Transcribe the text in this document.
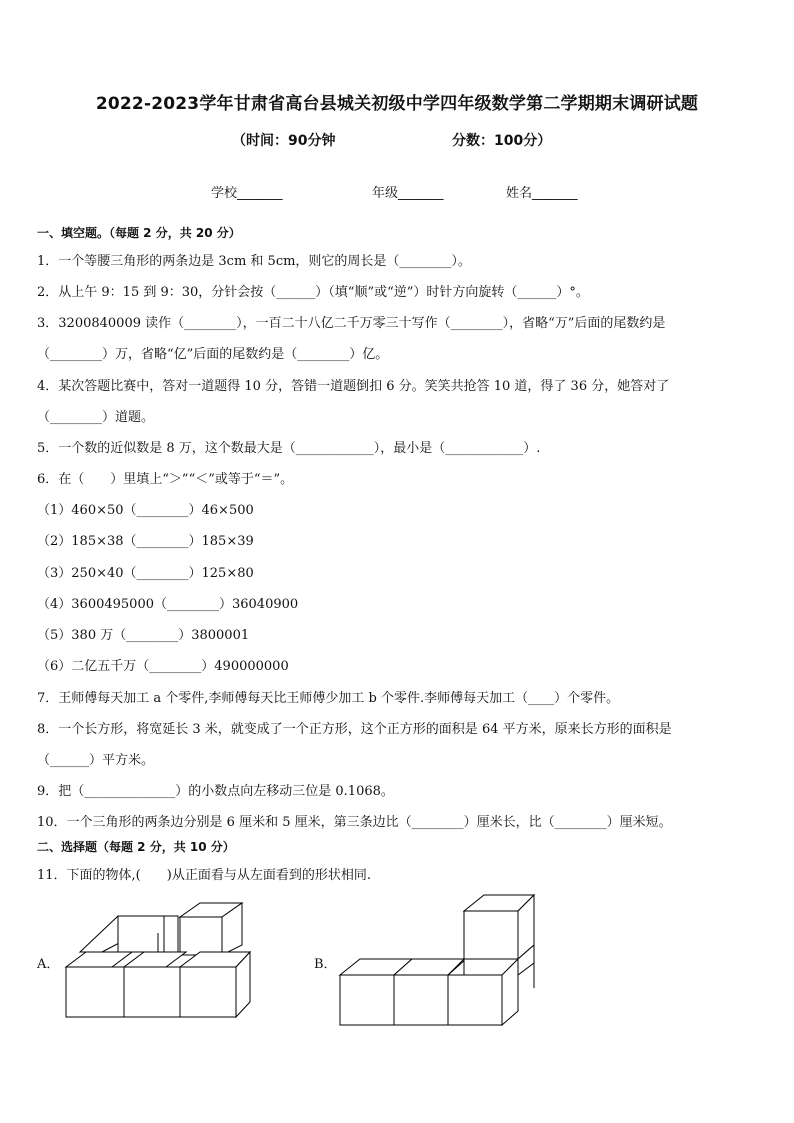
2022-2023学年甘肃省高台县城关初级中学四年级数学第二学期期末调研试题
（时间：90分钟	分数：100分）
学校_______	年级_______	姓名_______
一、填空题。（每题 2 分，共 20 分）
1．一个等腰三角形的两条边是 3cm 和 5cm，则它的周长是（________）。
2．从上午 9：15 到 9：30，分针会按（______）（填“顺”或“逆”）时针方向旋转（______）°。
3．3200840009 读作（________），一百二十八亿二千万零三十写作（________），省略“万”后面的尾数约是
（________）万，省略“亿”后面的尾数约是（________）亿。
4．某次答题比赛中，答对一道题得 10 分，答错一道题倒扣 6 分。笑笑共抢答 10 道，得了 36 分，她答对了
（________）道题。
5．一个数的近似数是 8 万，这个数最大是（____________），最小是（____________）.
6．在（　　）里填上“＞”“＜”或等于“＝”。
（1）460×50（________）46×500
（2）185×38（________）185×39
（3）250×40（________）125×80
（4）3600495000（________）36040900
（5）380 万（________）3800001
（6）二亿五千万（________）490000000
7．王师傅每天加工 a 个零件,李师傅每天比王师傅少加工 b 个零件.李师傅每天加工（____）个零件。
8．一个长方形，将宽延长 3 米，就变成了一个正方形，这个正方形的面积是 64 平方米，原来长方形的面积是
（______）平方米。
9．把（______________）的小数点向左移动三位是 0.1068。
10．一个三角形的两条边分别是 6 厘米和 5 厘米，第三条边比（________）厘米长，比（________）厘米短。
二、选择题（每题 2 分，共 10 分）
11．下面的物体,(　　)从正面看与从左面看到的形状相同.
A．	B．
